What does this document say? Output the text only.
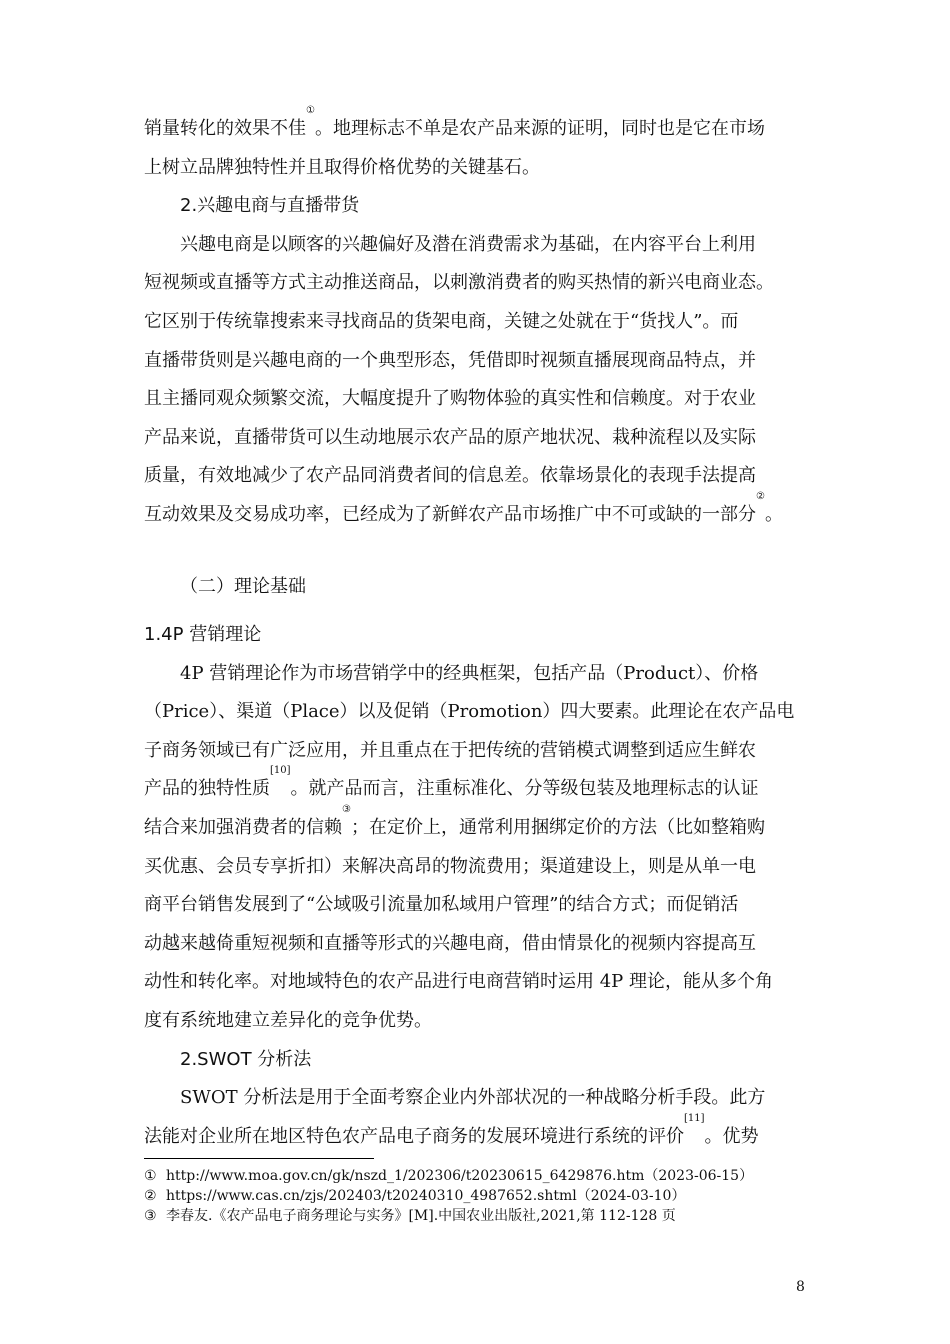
销量转化的效果不佳①。地理标志不单是农产品来源的证明，同时也是它在市场
上树立品牌独特性并且取得价格优势的关键基石。
2.兴趣电商与直播带货
兴趣电商是以顾客的兴趣偏好及潜在消费需求为基础，在内容平台上利用
短视频或直播等方式主动推送商品，以刺激消费者的购买热情的新兴电商业态。
它区别于传统靠搜索来寻找商品的货架电商，关键之处就在于“货找人”。而
直播带货则是兴趣电商的一个典型形态，凭借即时视频直播展现商品特点，并
且主播同观众频繁交流，大幅度提升了购物体验的真实性和信赖度。对于农业
产品来说，直播带货可以生动地展示农产品的原产地状况、栽种流程以及实际
质量，有效地减少了农产品同消费者间的信息差。依靠场景化的表现手法提高
互动效果及交易成功率，已经成为了新鲜农产品市场推广中不可或缺的一部分②。
（二）理论基础
1.4P 营销理论
4P 营销理论作为市场营销学中的经典框架，包括产品（Product）、价格
（Price）、渠道（Place）以及促销（Promotion）四大要素。此理论在农产品电
子商务领域已有广泛应用，并且重点在于把传统的营销模式调整到适应生鲜农
产品的独特性质[10]。就产品而言，注重标准化、分等级包装及地理标志的认证
结合来加强消费者的信赖③；在定价上，通常利用捆绑定价的方法（比如整箱购
买优惠、会员专享折扣）来解决高昂的物流费用；渠道建设上，则是从单一电
商平台销售发展到了“公域吸引流量加私域用户管理”的结合方式；而促销活
动越来越倚重短视频和直播等形式的兴趣电商，借由情景化的视频内容提高互
动性和转化率。对地域特色的农产品进行电商营销时运用 4P 理论，能从多个角
度有系统地建立差异化的竞争优势。
2.SWOT 分析法
SWOT 分析法是用于全面考察企业内外部状况的一种战略分析手段。此方
法能对企业所在地区特色农产品电子商务的发展环境进行系统的评价[11]。优势
① http://www.moa.gov.cn/gk/nszd_1/202306/t20230615_6429876.htm（2023-06-15）
② https://www.cas.cn/zjs/202403/t20240310_4987652.shtml（2024-03-10）
③ 李春友.《农产品电子商务理论与实务》[M].中国农业出版社,2021,第 112-128 页
8
